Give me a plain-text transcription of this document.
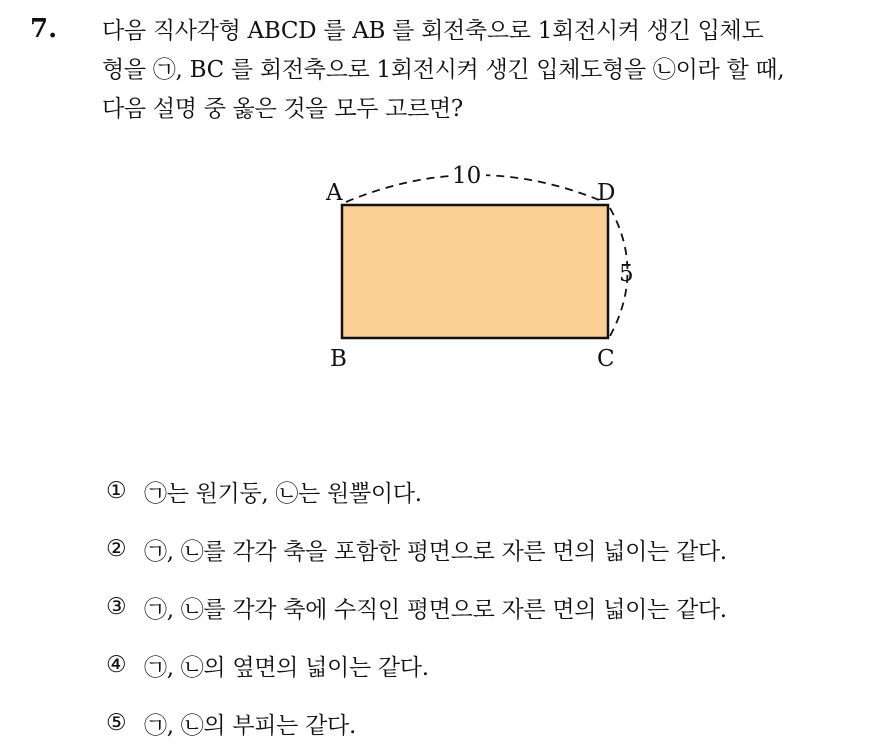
7. 다음 직사각형 ABCD 를 AB 를 회전축으로 1회전시켜 생긴 입체도
형을 ㉠, BC 를 회전축으로 1회전시켜 생긴 입체도형을 ㉡이라 할 때,
다음 설명 중 옳은 것을 모두 고르면?
A	D
B	C
10
5
① ㉠는 원기둥, ㉡는 원뿔이다.
② ㉠, ㉡를 각각 축을 포함한 평면으로 자른 면의 넓이는 같다.
③ ㉠, ㉡를 각각 축에 수직인 평면으로 자른 면의 넓이는 같다.
④ ㉠, ㉡의 옆면의 넓이는 같다.
⑤ ㉠, ㉡의 부피는 같다.
